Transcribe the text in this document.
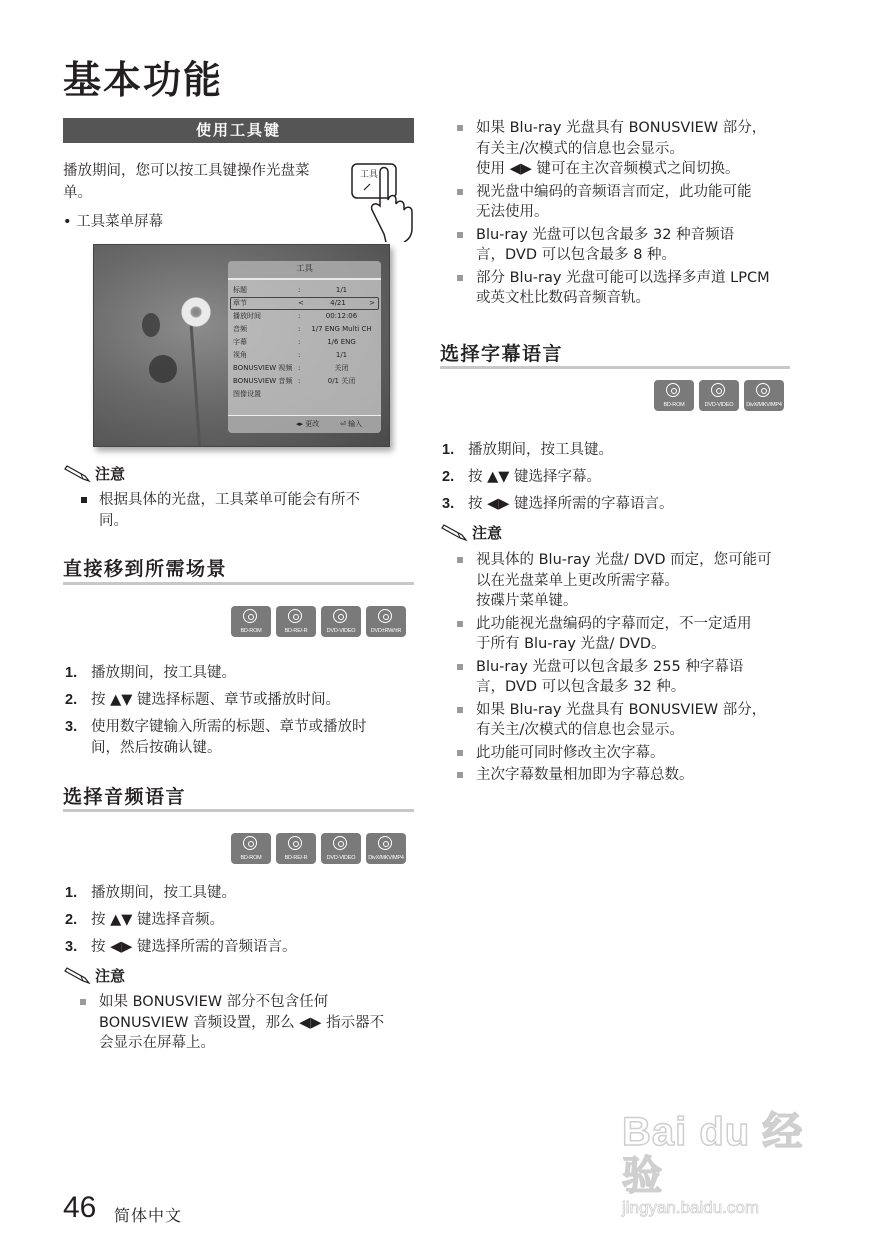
基本功能
使用工具键
播放期间，您可以按工具键操作光盘菜
单。
工具
• 工具菜单屏幕
工具
标题	:	1/1
章节	<	4/21	>
播放时间	:	00:12:06
音频	:	1/7 ENG Multi CH
字幕	:	1/6 ENG
视角	:	1/1
BONUSVIEW 视频 :	关闭
BONUSVIEW 音频 :	0/1 关闭
图像设置
◂▸ 更改	⏎ 输入
注意
根据具体的光盘，工具菜单可能会有所不
同。
直接移到所需场景
BD-ROM	BD-RE/-R	DVD-VIDEO	DVD±RW/±R
1. 播放期间，按工具键。
2. 按 ▲▼ 键选择标题、章节或播放时间。
3. 使用数字键输入所需的标题、章节或播放时
间，然后按确认键。
选择音频语言
BD-ROM	BD-RE/-R	DVD-VIDEO	DivX/MKV/MP4
1. 播放期间，按工具键。
2. 按 ▲▼ 键选择音频。
3. 按 ◀▶ 键选择所需的音频语言。
注意
如果 BONUSVIEW 部分不包含任何
BONUSVIEW 音频设置，那么 ◀▶ 指示器不
会显示在屏幕上。
如果 Blu-ray 光盘具有 BONUSVIEW 部分，
有关主/次模式的信息也会显示。
使用 ◀▶ 键可在主次音频模式之间切换。
视光盘中编码的音频语言而定，此功能可能
无法使用。
Blu-ray 光盘可以包含最多 32 种音频语
言，DVD 可以包含最多 8 种。
部分 Blu-ray 光盘可能可以选择多声道 LPCM
或英文杜比数码音频音轨。
选择字幕语言
BD-ROM	DVD-VIDEO	DivX/MKV/MP4
1. 播放期间，按工具键。
2. 按 ▲▼ 键选择字幕。
3. 按 ◀▶ 键选择所需的字幕语言。
注意
视具体的 Blu-ray 光盘/ DVD 而定，您可能可
以在光盘菜单上更改所需字幕。
按碟片菜单键。
此功能视光盘编码的字幕而定，不一定适用
于所有 Blu-ray 光盘/ DVD。
Blu-ray 光盘可以包含最多 255 种字幕语
言，DVD 可以包含最多 32 种。
如果 Blu-ray 光盘具有 BONUSVIEW 部分，
有关主/次模式的信息也会显示。
此功能可同时修改主次字幕。
主次字幕数量相加即为字幕总数。
Bai du 经验
jingyan.baidu.com
46 简体中文
